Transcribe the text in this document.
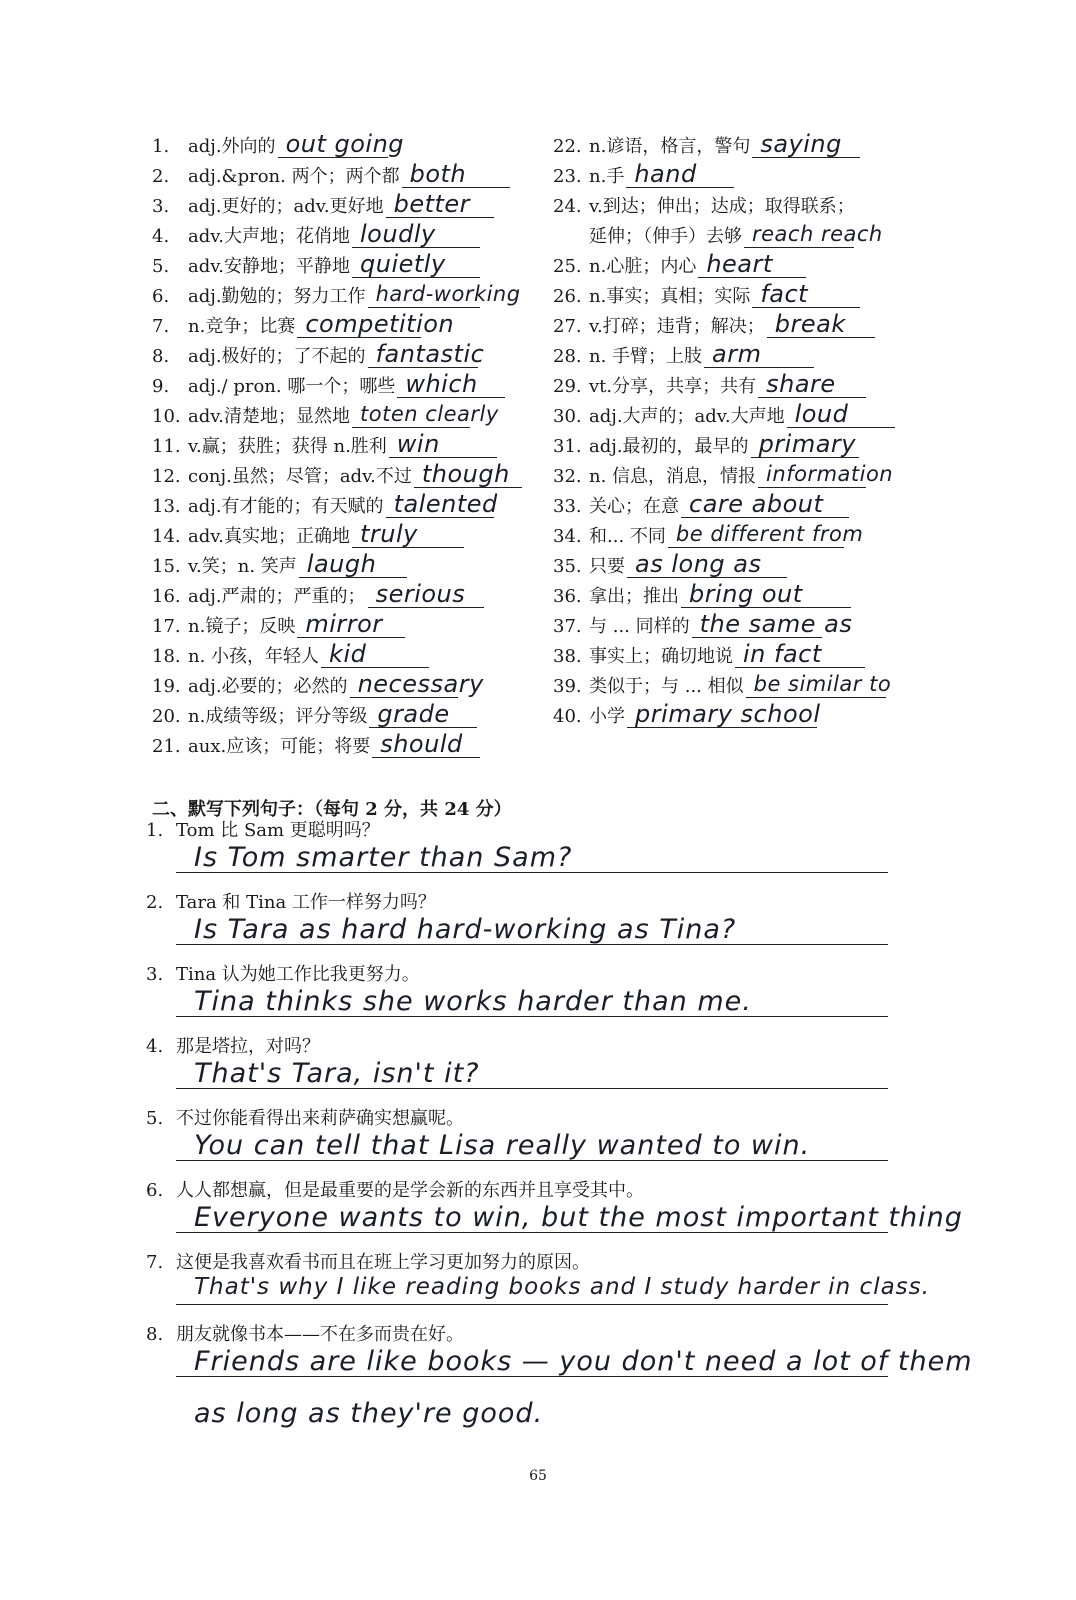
1.	adj.外向的 out going
2.	adj.&pron. 两个；两个都 both
3.	adj.更好的；adv.更好地 better
4.	adv.大声地；花俏地 loudly
5.	adv.安静地；平静地 quietly
6.	adj.勤勉的；努力工作 hard-working
7.	n.竞争；比赛 competition
8.	adj.极好的；了不起的 fantastic
9.	adj./ pron. 哪一个；哪些 which
10. adv.清楚地；显然地 toten clearly
11. v.赢；获胜；获得 n.胜利 win
12. conj.虽然；尽管；adv.不过 though
13. adj.有才能的；有天赋的 talented
14. adv.真实地；正确地 truly
15. v.笑；n. 笑声 laugh
16. adj.严肃的；严重的； serious
17. n.镜子；反映 mirror
18. n. 小孩，年轻人 kid
19. adj.必要的；必然的 necessary
20. n.成绩等级；评分等级 grade
21. aux.应该；可能；将要 should
22. n.谚语，格言，警句 saying
23. n.手 hand
24. v.到达；伸出；达成；取得联系；
延伸；（伸手）去够 reach reach
25. n.心脏；内心 heart
26. n.事实；真相；实际 fact
27. v.打碎；违背；解决； break
28. n. 手臂；上肢 arm
29. vt.分享，共享；共有 share
30. adj.大声的；adv.大声地 loud
31. adj.最初的，最早的 primary
32. n. 信息，消息，情报 information
33. 关心；在意 care about
34. 和... 不同 be different from
35. 只要 as long as
36. 拿出；推出 bring out
37. 与 ... 同样的 the same as
38. 事实上；确切地说 in fact
39. 类似于；与 ... 相似 be similar to
40. 小学 primary school
二、默写下列句子：（每句 2 分，共 24 分）
1. Tom 比 Sam 更聪明吗？
Is Tom smarter than Sam?
2. Tara 和 Tina 工作一样努力吗？
Is Tara as hard hard-working as Tina?
3. Tina 认为她工作比我更努力。
Tina thinks she works harder than me.
4. 那是塔拉，对吗？
That's Tara, isn't it?
5. 不过你能看得出来莉萨确实想赢呢。
You can tell that Lisa really wanted to win.
6. 人人都想赢，但是最重要的是学会新的东西并且享受其中。
Everyone wants to win, but the most important thing
7. 这便是我喜欢看书而且在班上学习更加努力的原因。
That's why I like reading books and I study harder in class.
8. 朋友就像书本——不在多而贵在好。
Friends are like books — you don't need a lot of them
as long as they're good.
65
